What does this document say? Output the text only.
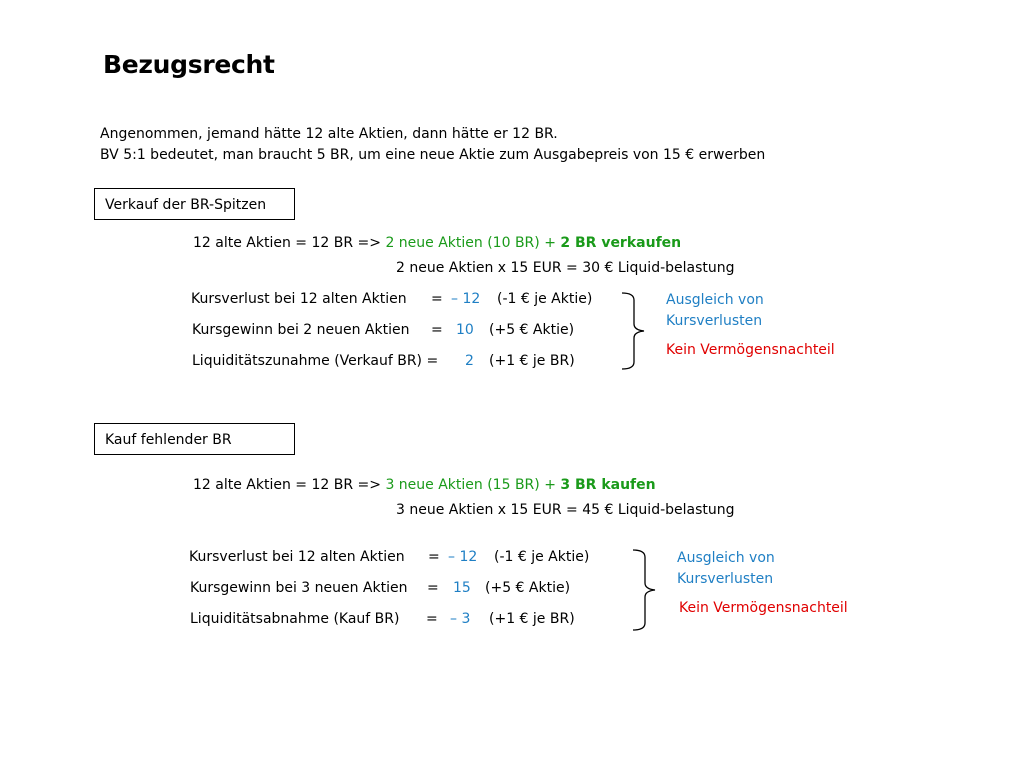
Bezugsrecht
Angenommen, jemand hätte 12 alte Aktien, dann hätte er 12 BR.
BV 5:1 bedeutet, man braucht 5 BR, um eine neue Aktie zum Ausgabepreis von 15 € erwerben
Verkauf der BR-Spitzen
12 alte Aktien = 12 BR => 2 neue Aktien (10 BR) + 2 BR verkaufen
2 neue Aktien x 15 EUR = 30 € Liquid-belastung
Kursverlust bei 12 alten Aktien = – 12 (-1 € je Aktie)
Kursgewinn bei 2 neuen Aktien = 10 (+5 € Aktie)
Liquiditätszunahme (Verkauf BR) = 2 (+1 € je BR)
Ausgleich von
Kursverlusten
Kein Vermögensnachteil
Kauf fehlender BR
12 alte Aktien = 12 BR => 3 neue Aktien (15 BR) + 3 BR kaufen
3 neue Aktien x 15 EUR = 45 € Liquid-belastung
Kursverlust bei 12 alten Aktien = – 12 (-1 € je Aktie)
Kursgewinn bei 3 neuen Aktien = 15 (+5 € Aktie)
Liquiditätsabnahme (Kauf BR) = – 3 (+1 € je BR)
Ausgleich von
Kursverlusten
Kein Vermögensnachteil
